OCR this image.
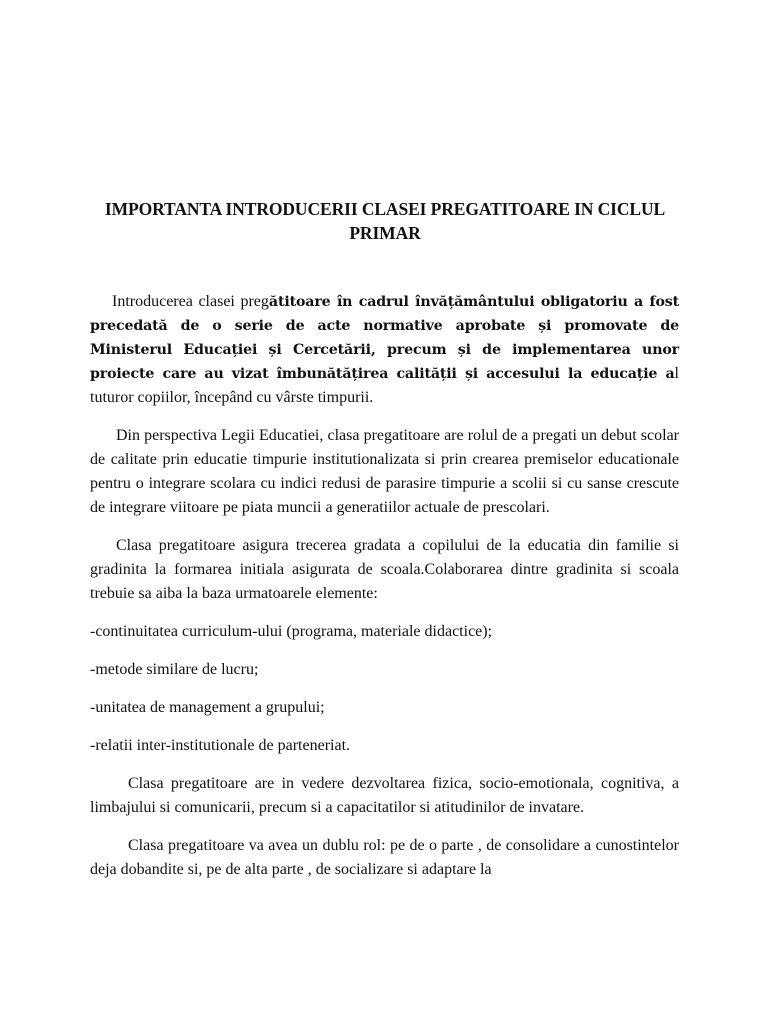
IMPORTANTA INTRODUCERII CLASEI PREGATITOARE IN CICLUL
PRIMAR

Introducerea clasei pregătitoare în cadrul învățământului obligatoriu a fost precedată de o serie de acte normative aprobate și promovate de Ministerul Educației și Cercetării, precum și de implementarea unor proiecte care au vizat îmbunătățirea calității și accesului la educație al tuturor copiilor, începând cu vârste timpurii.

Din perspectiva Legii Educatiei, clasa pregatitoare are rolul de a pregati un debut scolar de calitate prin educatie timpurie institutionalizata si prin crearea premiselor educationale pentru o integrare scolara cu indici redusi de parasire timpurie a scolii si cu sanse crescute de integrare viitoare pe piata muncii a generatiilor actuale de prescolari.

Clasa pregatitoare asigura trecerea gradata a copilului de la educatia din familie si gradinita la formarea initiala asigurata de scoala.Colaborarea dintre gradinita si scoala trebuie sa aiba la baza urmatoarele elemente:

-continuitatea curriculum-ului (programa, materiale didactice);
-metode similare de lucru;
-unitatea de management a grupului;
-relatii inter-institutionale de parteneriat.

Clasa pregatitoare are in vedere dezvoltarea fizica, socio-emotionala, cognitiva, a limbajului si comunicarii, precum si a capacitatilor si atitudinilor de invatare.

Clasa pregatitoare va avea un dublu rol: pe de o parte , de consolidare a cunostintelor deja dobandite si, pe de alta parte , de socializare si adaptare la
